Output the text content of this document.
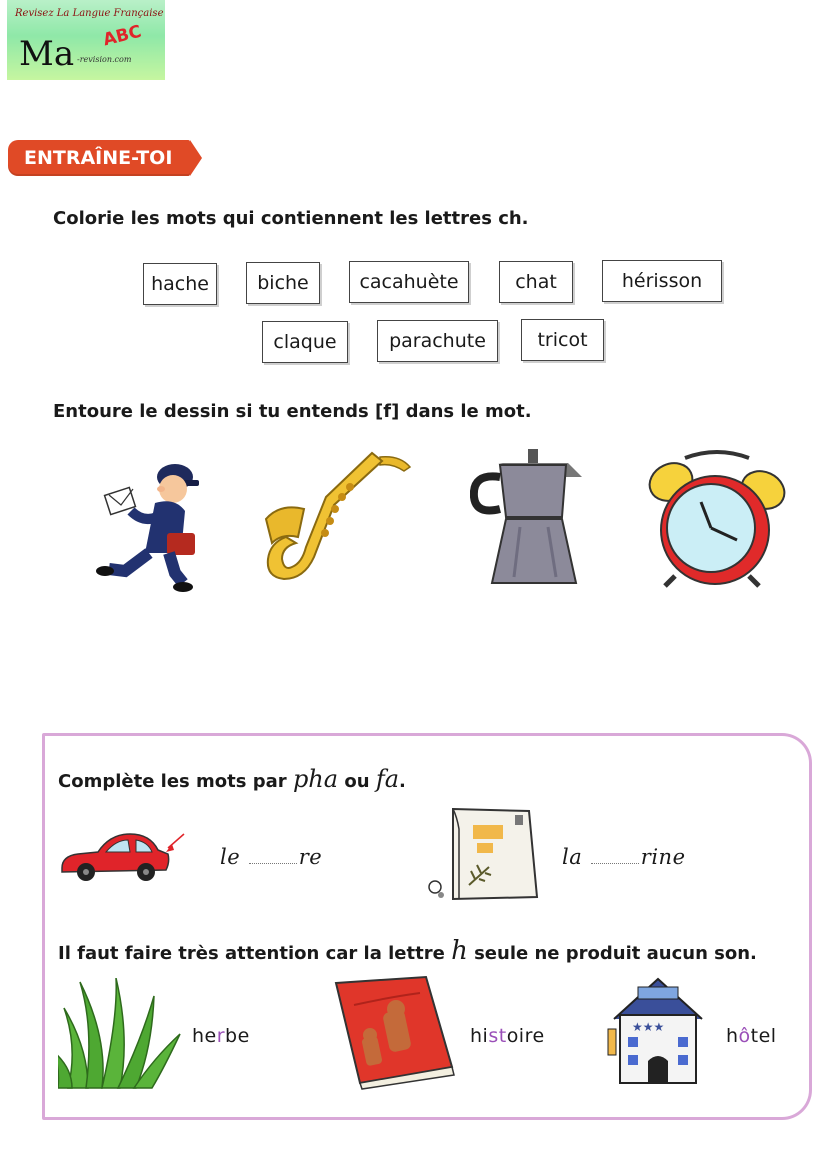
Revisez La Langue Française
Ma ABC
-revision.com
ENTRAÎNE-TOI
Colorie les mots qui contiennent les lettres ch.
hache	biche	cacahuète	chat	hérisson
claque	parachute	tricot
Entoure le dessin si tu entends [f] dans le mot.
Complète les mots par pha ou fa.
le	re	la	rine
Il faut faire très attention car la lettre h seule ne produit aucun son.
herbe	histoire	★★★	hôtel
